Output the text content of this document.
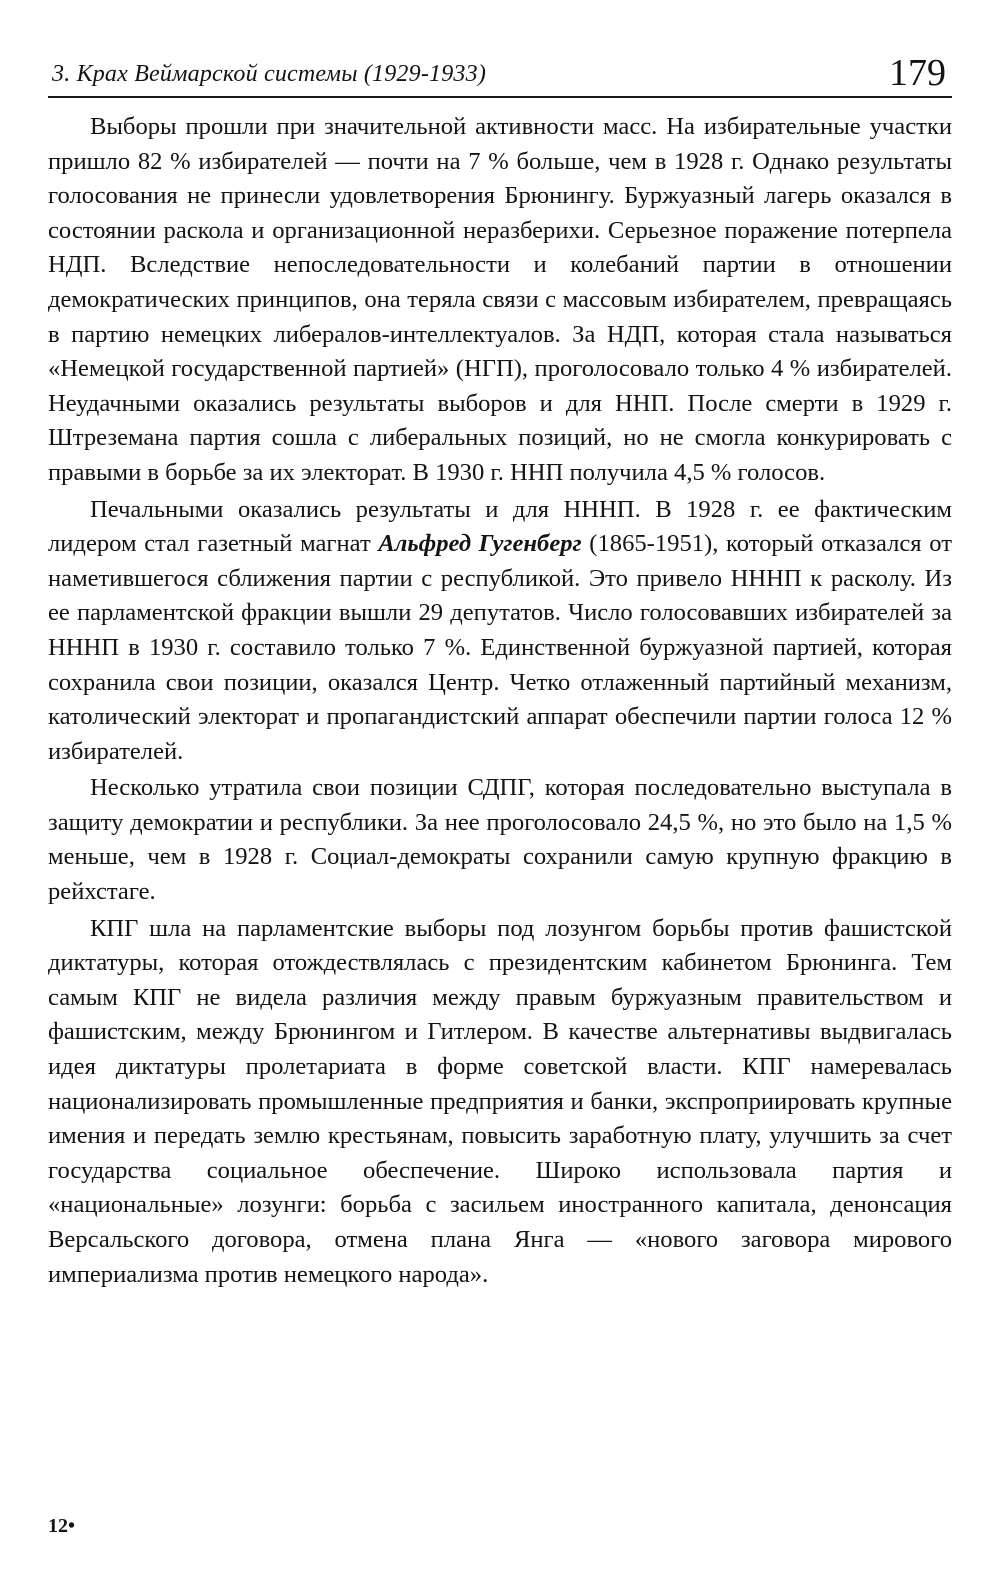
3. Крах Веймарской системы (1929-1933)	179

Выборы прошли при значительной активности масс. На избирательные участки пришло 82 % избирателей — почти на 7 % больше, чем в 1928 г. Однако результаты голосования не принесли удовлетворения Брюнингу. Буржуазный лагерь оказался в состоянии раскола и организационной неразберихи. Серьезное поражение потерпела НДП. Вследствие непоследовательности и колебаний партии в отношении демократических принципов, она теряла связи с массовым избирателем, превращаясь в партию немецких либералов-интеллектуалов. За НДП, которая стала называться «Немецкой государственной партией» (НГП), проголосовало только 4 % избирателей. Неудачными оказались результаты выборов и для ННП. После смерти в 1929 г. Штреземана партия сошла с либеральных позиций, но не смогла конкурировать с правыми в борьбе за их электорат. В 1930 г. ННП получила 4,5 % голосов.

Печальными оказались результаты и для НННП. В 1928 г. ее фактическим лидером стал газетный магнат Альфред Гугенберг (1865-1951), который отказался от наметившегося сближения партии с республикой. Это привело НННП к расколу. Из ее парламентской фракции вышли 29 депутатов. Число голосовавших избирателей за НННП в 1930 г. составило только 7 %. Единственной буржуазной партией, которая сохранила свои позиции, оказался Центр. Четко отлаженный партийный механизм, католический электорат и пропагандистский аппарат обеспечили партии голоса 12 % избирателей.

Несколько утратила свои позиции СДПГ, которая последовательно выступала в защиту демократии и республики. За нее проголосовало 24,5 %, но это было на 1,5 % меньше, чем в 1928 г. Социал-демократы сохранили самую крупную фракцию в рейхстаге.

КПГ шла на парламентские выборы под лозунгом борьбы против фашистской диктатуры, которая отождествлялась с президентским кабинетом Брюнинга. Тем самым КПГ не видела различия между правым буржуазным правительством и фашистским, между Брюнингом и Гитлером. В качестве альтернативы выдвигалась идея диктатуры пролетариата в форме советской власти. КПГ намеревалась национализировать промышленные предприятия и банки, экспроприировать крупные имения и передать землю крестьянам, повысить заработную плату, улучшить за счет государства социальное обеспечение. Широко использовала партия и «национальные» лозунги: борьба с засильем иностранного капитала, денонсация Версальского договора, отмена плана Янга — «нового заговора мирового империализма против немецкого народа».

12•
